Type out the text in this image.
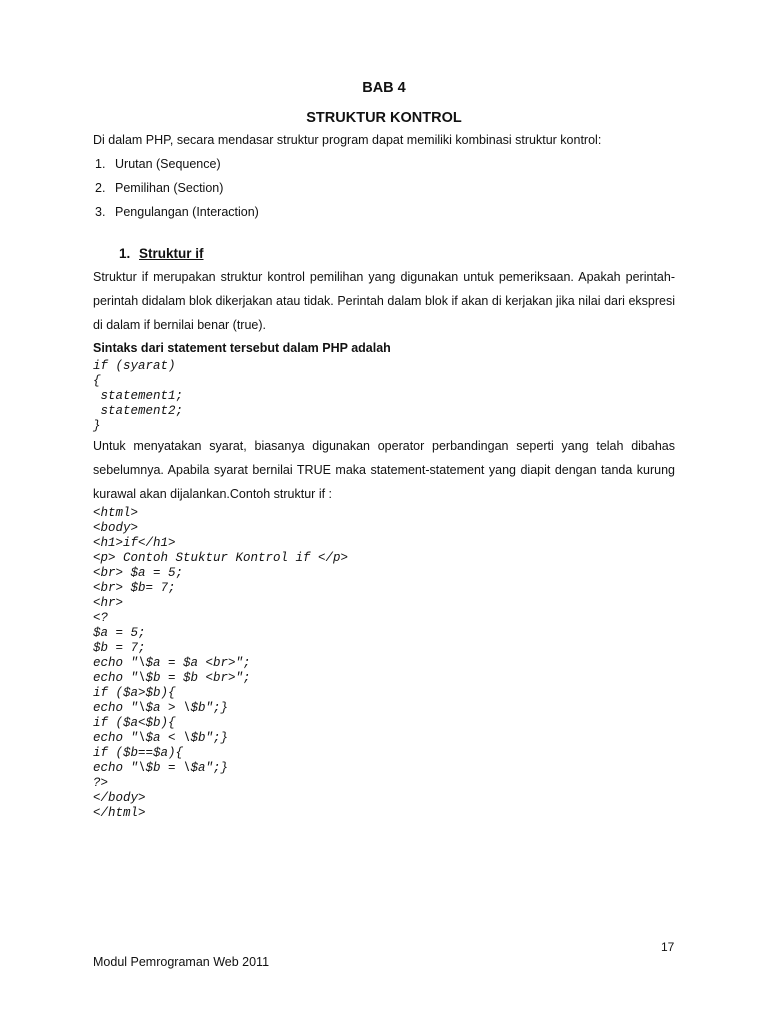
BAB 4
STRUKTUR KONTROL

Di dalam PHP, secara mendasar struktur program dapat memiliki kombinasi struktur kontrol:

1. Urutan (Sequence)
2. Pemilihan (Section)
3. Pengulangan (Interaction)
1. Struktur if

Struktur if merupakan struktur kontrol pemilihan yang digunakan untuk pemeriksaan. Apakah perintah-perintah didalam blok dikerjakan atau tidak. Perintah dalam blok if akan di kerjakan jika nilai dari ekspresi di dalam if bernilai benar (true).

Sintaks dari statement tersebut dalam PHP adalah

if (syarat)
{
statement1;
statement2;
}

Untuk menyatakan syarat, biasanya digunakan operator perbandingan seperti yang telah dibahas sebelumnya. Apabila syarat bernilai TRUE maka statement-statement yang diapit dengan tanda kurung kurawal akan dijalankan.Contoh struktur if :

<html>
<body>
<h1>if</h1>
<p> Contoh Stuktur Kontrol if </p>
<br> $a = 5;
<br> $b= 7;
<hr>
<?
$a = 5;
$b = 7;
echo "\$a = $a <br>";
echo "\$b = $b <br>";
if ($a>$b){
echo "\$a > \$b";}
if ($a<$b){
echo "\$a < \$b";}
if ($b==$a){
echo "\$b = \$a";}
?>
</body>
</html>
17
Modul Pemrograman Web 2011
